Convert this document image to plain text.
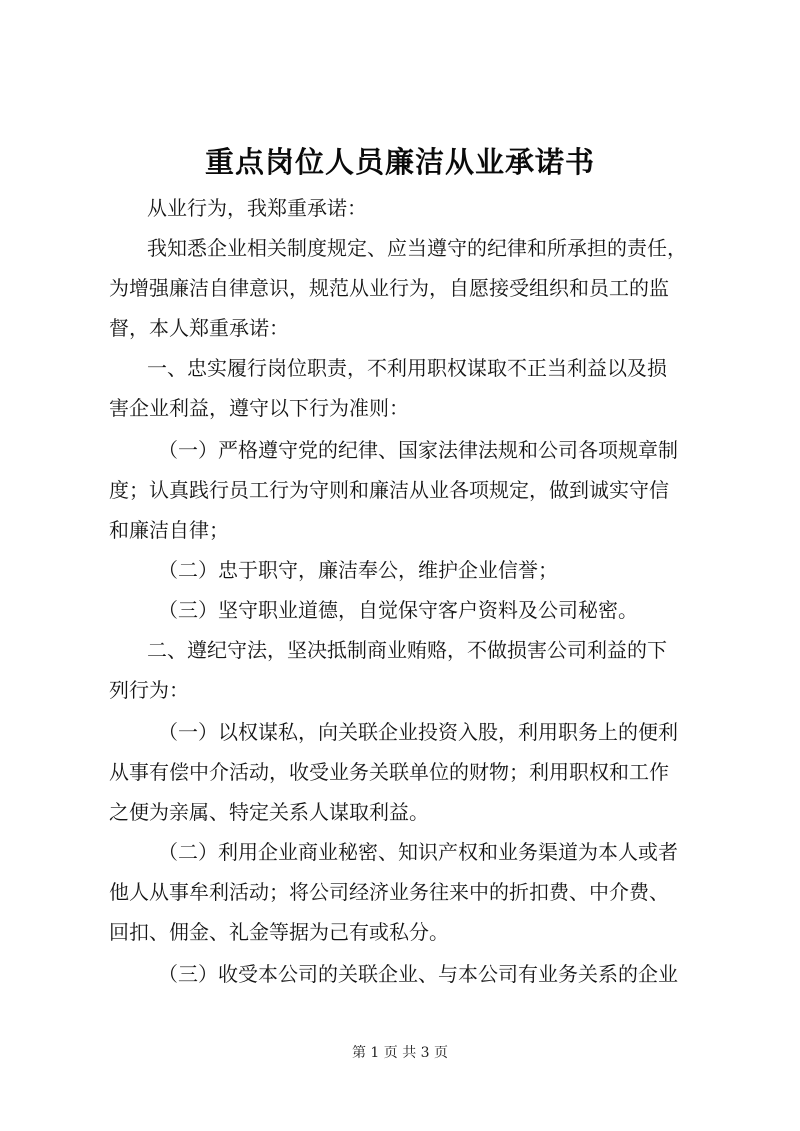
重点岗位人员廉洁从业承诺书
从业行为，我郑重承诺：
我知悉企业相关制度规定、应当遵守的纪律和所承担的责任，
为增强廉洁自律意识，规范从业行为，自愿接受组织和员工的监
督，本人郑重承诺：
一、忠实履行岗位职责，不利用职权谋取不正当利益以及损
害企业利益，遵守以下行为准则：
（一）严格遵守党的纪律、国家法律法规和公司各项规章制
度；认真践行员工行为守则和廉洁从业各项规定，做到诚实守信
和廉洁自律；
（二）忠于职守，廉洁奉公，维护企业信誉；
（三）坚守职业道德，自觉保守客户资料及公司秘密。
二、遵纪守法，坚决抵制商业贿赂，不做损害公司利益的下
列行为：
（一）以权谋私，向关联企业投资入股，利用职务上的便利
从事有偿中介活动，收受业务关联单位的财物；利用职权和工作
之便为亲属、特定关系人谋取利益。
（二）利用企业商业秘密、知识产权和业务渠道为本人或者
他人从事牟利活动；将公司经济业务往来中的折扣费、中介费、
回扣、佣金、礼金等据为己有或私分。
（三）收受本公司的关联企业、与本公司有业务关系的企业
第 1 页 共 3 页
